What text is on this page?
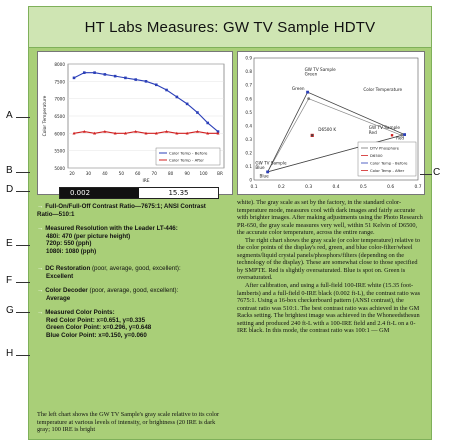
HT Labs Measures: GW TV Sample HDTV
8000
7500
7000
6500
6000
5500
5000
20	30	40	50	60	70	80	90 100 BR
IRE
Color Temperature
Color Temp - Before
Color Temp - After
0.9
0.8
0.7
0.6
0.5
0.4
0.3
0.2
0.1
0
0.1	0.2	0.3	0.4	0.5	0.6	0.7
GW TV Sample
Green
Green	Color Temperature
D6500 K	GW TV Sample
Red
Red
GW TV Sample
Blue
Blue
DTV Phosphore
D6500
Color Temp - Before
Color Temp - After
0.002	15.35
→ Full-On/Full-Off Contrast Ratio—7675:1; ANSI Contrast Ratio—510:1
→ Measured Resolution with the Leader LT-446:
480i: 470 (per picture height)
720p: 550 (pph)
1080i: 1080 (pph)
→ DC Restoration (poor, average, good, excellent):
Excellent
→ Color Decoder (poor, average, good, excellent):
Average
→ Measured Color Points:
Red Color Point: x=0.651, y=0.335
Green Color Point: x=0.296, y=0.648
Blue Color Point: x=0.150, y=0.060
The left chart shows the GW TV Sample's gray scale relative to its color temperature at various levels of intensity, or brightness (20 IRE is dark gray; 100 IRE is bright
white). The gray scale as set by the factory, in the standard color-temperature mode, measures cool with dark images and fairly accurate with brighter images. After making adjustments using the Photo Research PR-650, the gray scale measures very well, within 51 Kelvin of D6500, the accurate color temperature, across the entire range.
The right chart shows the gray scale (or color temperature) relative to the color points of the display's red, green, and blue color-filter/wheel segments/liquid crystal panels/phosphors/filters (depending on the technology of the display). These are somewhat close to those specified by SMPTE. Red is slightly oversaturated. Blue is spot on. Green is oversaturated.
After calibration, and using a full-field 100-IRE white (15.35 foot-lamberts) and a full-field 0-IRE black (0.002 ft-L), the contrast ratio was 7675:1. Using a 16-box checkerboard pattern (ANSI contrast), the contrast ratio was 510:1. The best contrast ratio was achieved in the GM Racks setting. The brightest image was achieved in the Whoneedsthesun setting and produced 240 ft-L with a 100-IRE field and 2.4 ft-L on a 0-IRE black. In this mode, the contrast ratio was 100:1 — GM
A
B	C
D
E
F
G
H
